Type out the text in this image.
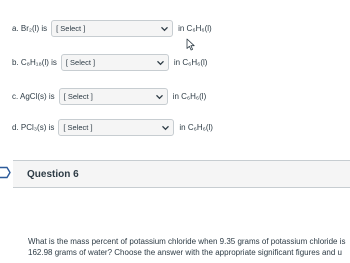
a. Br₂(l) is [ Select ]	in C₆H₆(l)
b. C₈H₁₈(l) is [ Select ]	in C₆H₆(l)
c. AgCl(s) is [ Select ]	in C₆H₆(l)
d. PCl₃(s) is [ Select ]	in C₆H₆(l)
Question 6
What is the mass percent of potassium chloride when 9.35 grams of potassium chloride is
162.98 grams of water? Choose the answer with the appropriate significant figures and u
